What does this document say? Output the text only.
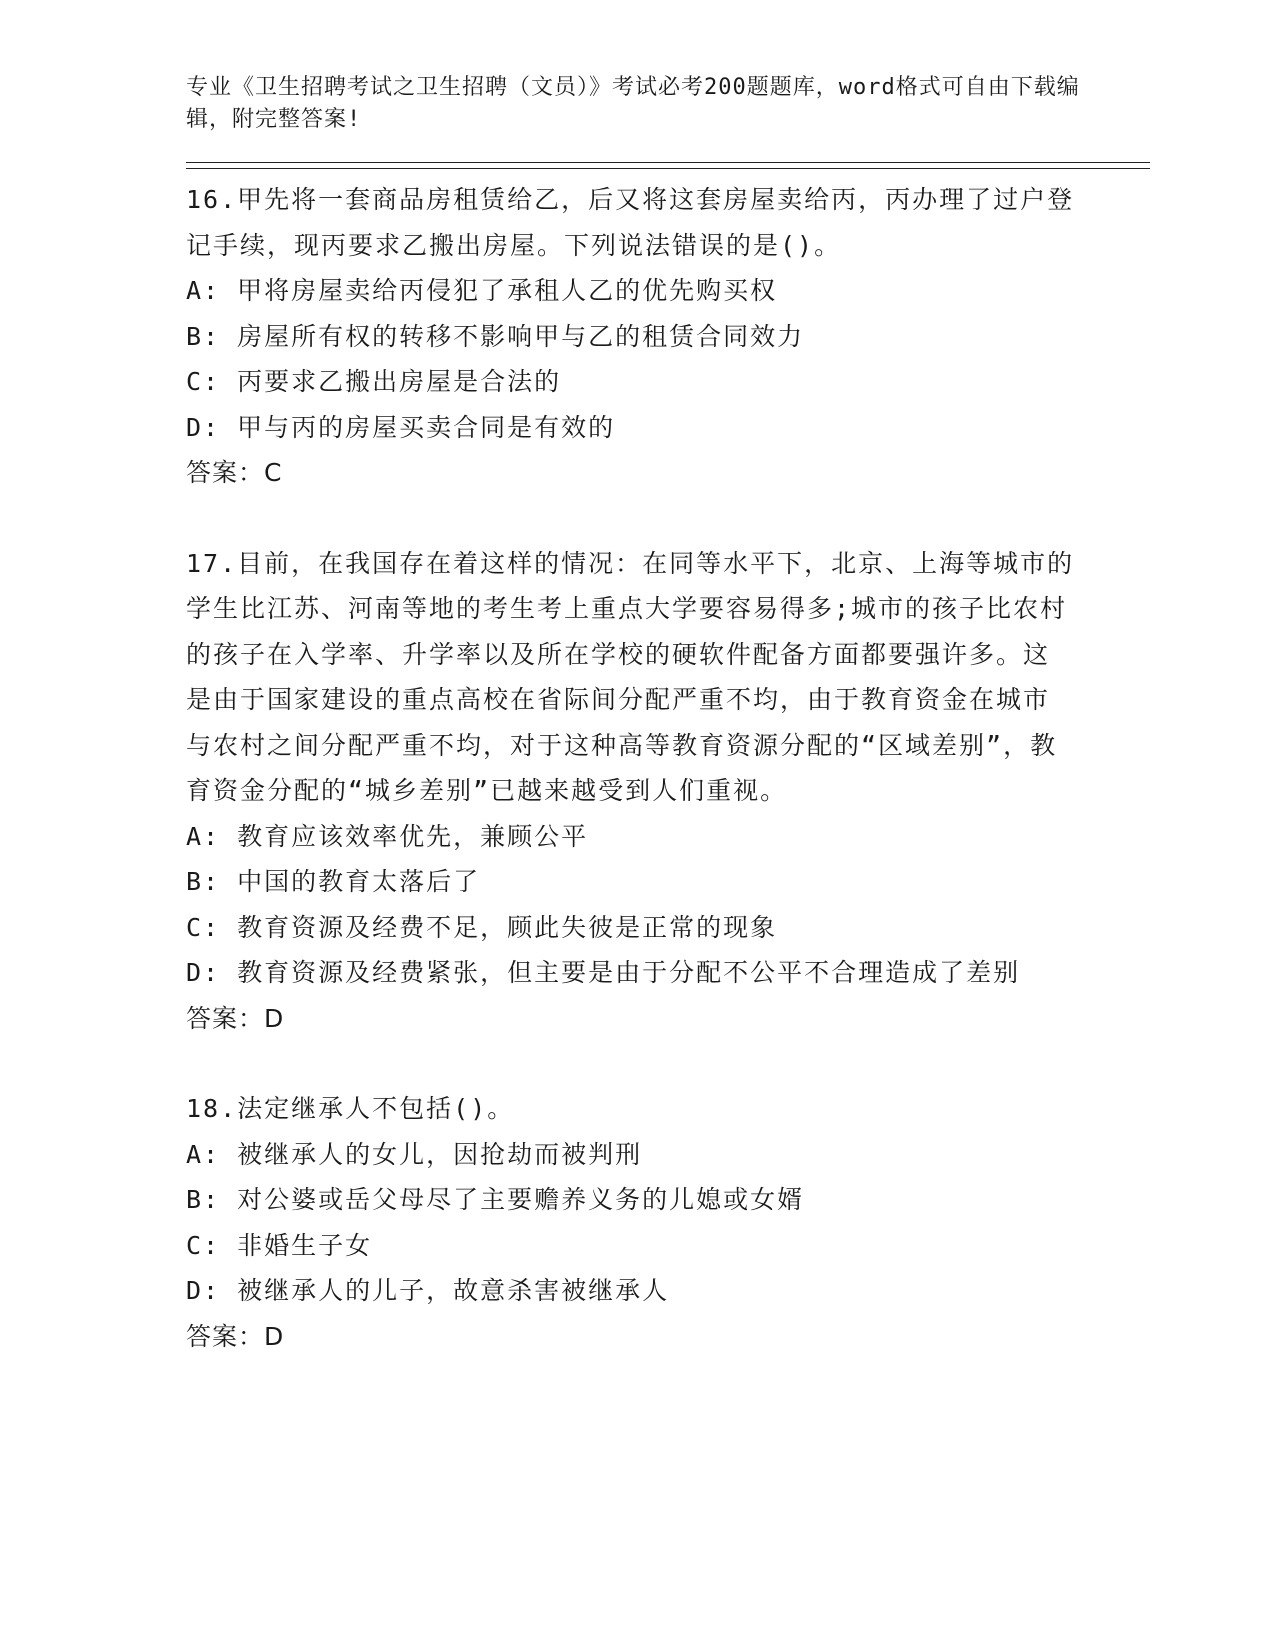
专业《卫生招聘考试之卫生招聘（文员）》考试必考200题题库，word格式可自由下载编辑，附完整答案!
16.甲先将一套商品房租赁给乙，后又将这套房屋卖给丙，丙办理了过户登记手续，现丙要求乙搬出房屋。下列说法错误的是()。
A: 甲将房屋卖给丙侵犯了承租人乙的优先购买权
B: 房屋所有权的转移不影响甲与乙的租赁合同效力
C: 丙要求乙搬出房屋是合法的
D: 甲与丙的房屋买卖合同是有效的
答案：C
17.目前，在我国存在着这样的情况：在同等水平下，北京、上海等城市的学生比江苏、河南等地的考生考上重点大学要容易得多;城市的孩子比农村的孩子在入学率、升学率以及所在学校的硬软件配备方面都要强许多。这是由于国家建设的重点高校在省际间分配严重不均，由于教育资金在城市与农村之间分配严重不均，对于这种高等教育资源分配的“区域差别”，教育资金分配的“城乡差别”已越来越受到人们重视。
A: 教育应该效率优先，兼顾公平
B: 中国的教育太落后了
C: 教育资源及经费不足，顾此失彼是正常的现象
D: 教育资源及经费紧张，但主要是由于分配不公平不合理造成了差别
答案：D
18.法定继承人不包括()。
A: 被继承人的女儿，因抢劫而被判刑
B: 对公婆或岳父母尽了主要赡养义务的儿媳或女婿
C: 非婚生子女
D: 被继承人的儿子，故意杀害被继承人
答案：D
